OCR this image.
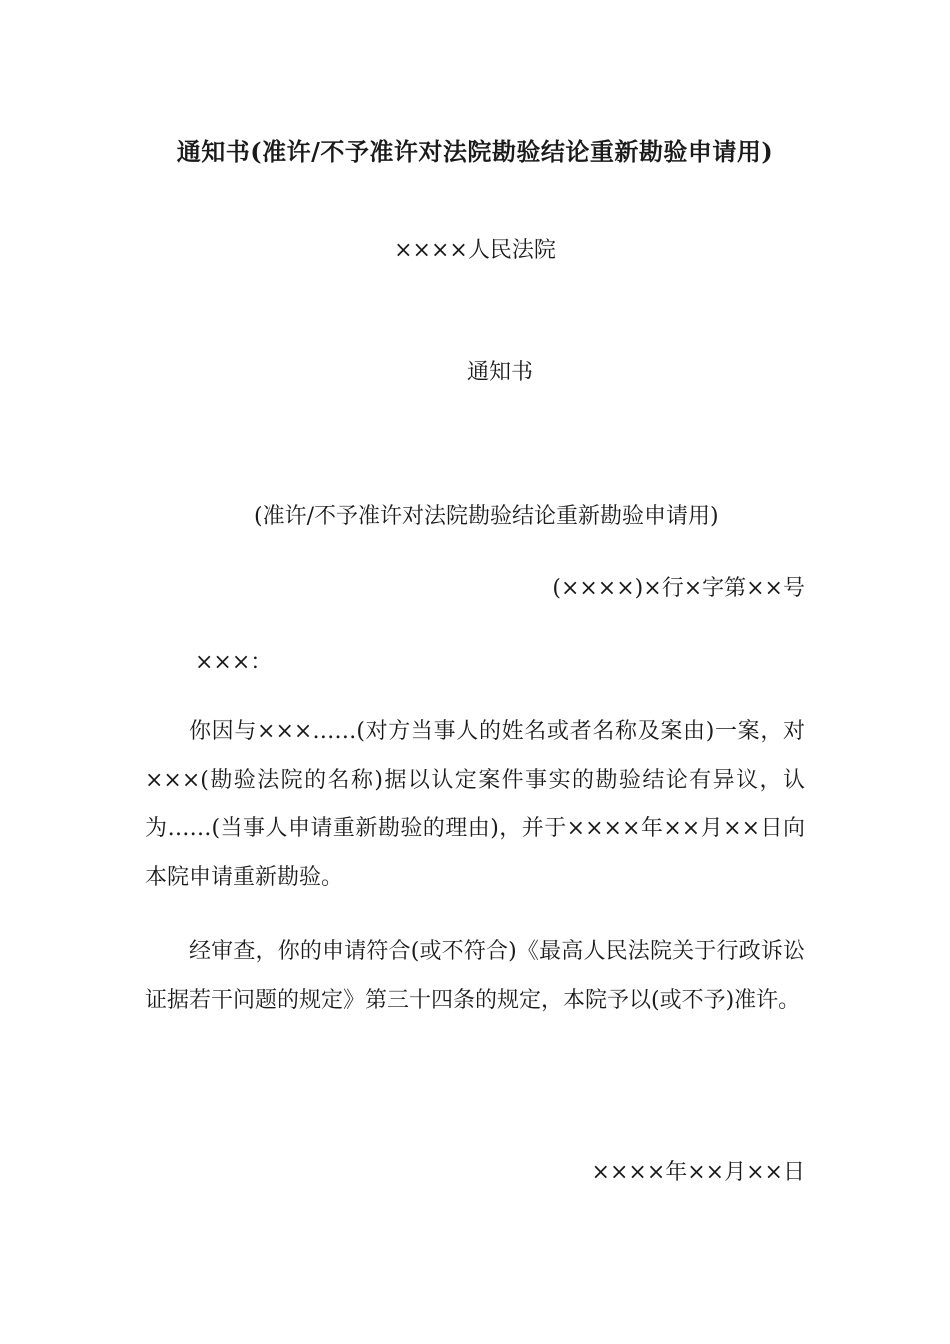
通知书(准许/不予准许对法院勘验结论重新勘验申请用)
××××人民法院
通知书
(准许/不予准许对法院勘验结论重新勘验申请用)
(××××)×行×字第××号
×××：

你因与×××……(对方当事人的姓名或者名称及案由)一案，对×××(勘验法院的名称)据以认定案件事实的勘验结论有异议，认为……(当事人申请重新勘验的理由)，并于××××年××月××日向本院申请重新勘验。

经审查，你的申请符合(或不符合)《最高人民法院关于行政诉讼证据若干问题的规定》第三十四条的规定，本院予以(或不予)准许。

××××年××月××日
